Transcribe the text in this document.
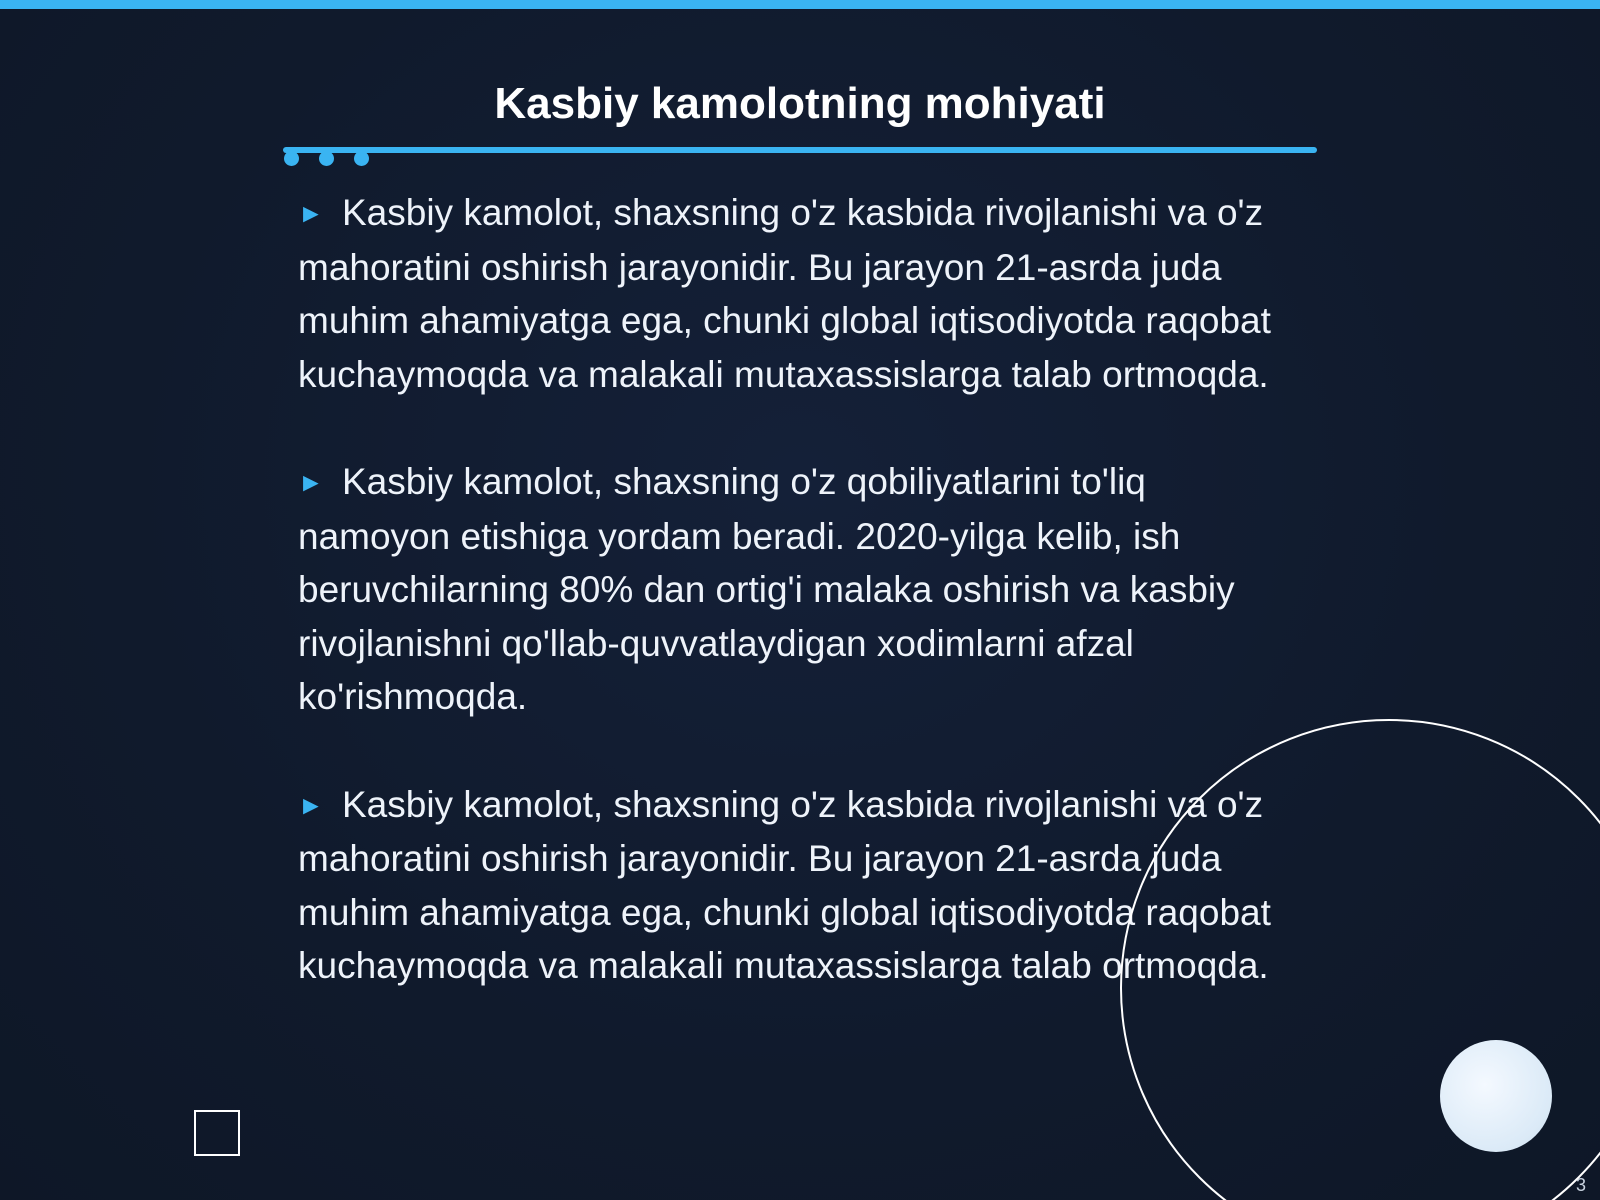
Kasbiy kamolotning mohiyati
► Kasbiy kamolot, shaxsning o'z kasbida rivojlanishi va o'z mahoratini oshirish jarayonidir. Bu jarayon 21-asrda juda muhim ahamiyatga ega, chunki global iqtisodiyotda raqobat kuchaymoqda va malakali mutaxassislarga talab ortmoqda.
► Kasbiy kamolot, shaxsning o'z qobiliyatlarini to'liq namoyon etishiga yordam beradi. 2020-yilga kelib, ish beruvchilarning 80% dan ortig'i malaka oshirish va kasbiy rivojlanishni qo'llab-quvvatlaydigan xodimlarni afzal ko'rishmoqda.
► Kasbiy kamolot, shaxsning o'z kasbida rivojlanishi va o'z mahoratini oshirish jarayonidir. Bu jarayon 21-asrda juda muhim ahamiyatga ega, chunki global iqtisodiyotda raqobat kuchaymoqda va malakali mutaxassislarga talab ortmoqda.
3
